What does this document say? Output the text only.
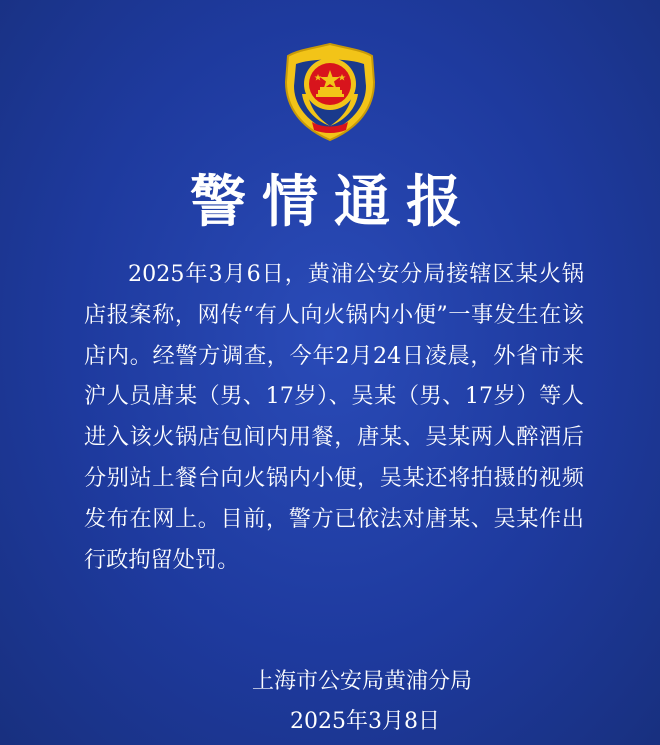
警情通报

2025年3月6日，黄浦公安分局接辖区某火锅店报案称，网传“有人向火锅内小便”一事发生在该店内。经警方调查，今年2月24日凌晨，外省市来沪人员唐某（男、17岁）、吴某（男、17岁）等人进入该火锅店包间内用餐，唐某、吴某两人醉酒后分别站上餐台向火锅内小便，吴某还将拍摄的视频发布在网上。目前，警方已依法对唐某、吴某作出行政拘留处罚。

上海市公安局黄浦分局

2025年3月8日
